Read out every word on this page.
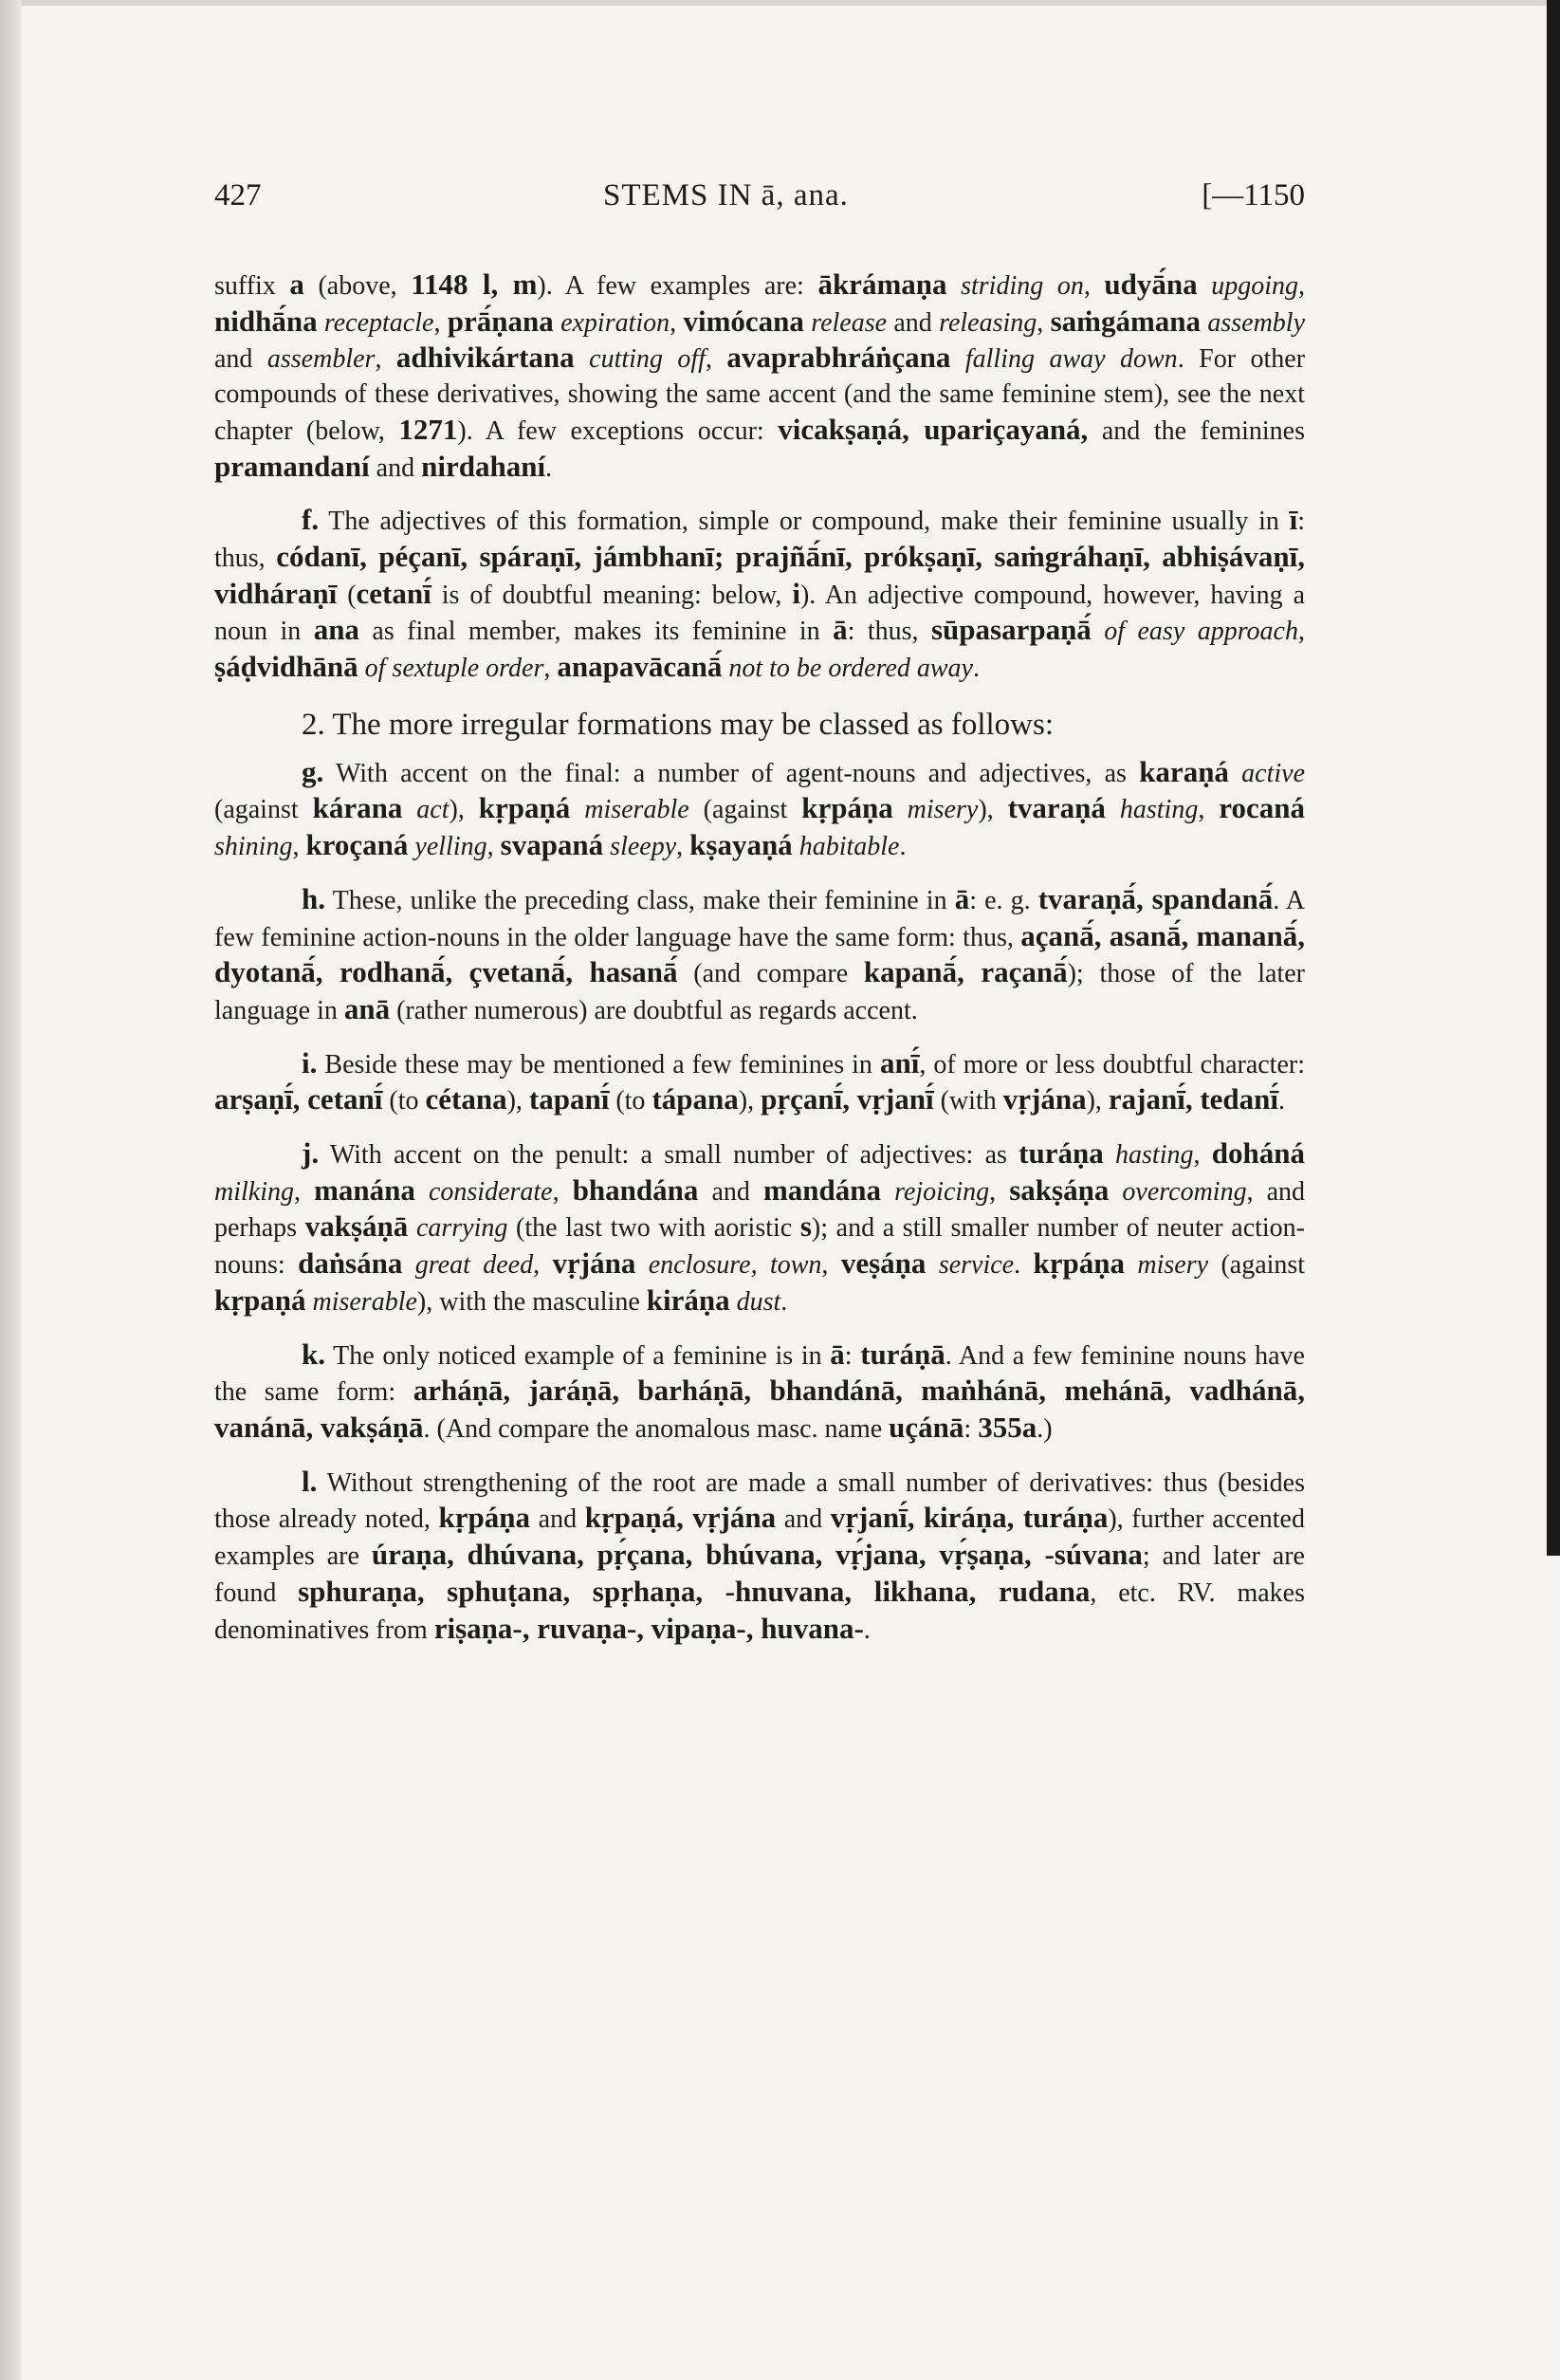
427	STEMS IN ā, ana.	[—1150

suffix a (above, 1148 l, m). A few examples are: ākrámaṇa striding on, udyā́na upgoing, nidhā́na receptacle, prā́ṇana expiration, vimócana release and releasing, saṁgámana assembly and assembler, adhivikártana cutting off, avaprabhráṅçana falling away down. For other compounds of these derivatives, showing the same accent (and the same feminine stem), see the next chapter (below, 1271). A few exceptions occur: vicakṣaṇá, upariçayaná, and the feminines pramandaní and nirdahaní.

f. The adjectives of this formation, simple or compound, make their feminine usually in ī: thus, códanī, péçanī, spáraṇī, jámbhanī; prajñā́nī, prókṣaṇī, saṁgráhaṇī, abhiṣávaṇī, vidháraṇī (cetanī́ is of doubtful meaning: below, i). An adjective compound, however, having a noun in ana as final member, makes its feminine in ā: thus, sūpasarpaṇā́ of easy approach, ṣáḍvidhānā of sextuple order, anapavācanā́ not to be ordered away.

2. The more irregular formations may be classed as follows:

g. With accent on the final: a number of agent-nouns and adjectives, as karaṇá active (against kárana act), kṛpaṇá miserable (against kṛpáṇa misery), tvaraṇá hasting, rocaná shining, kroçaná yelling, svapaná sleepy, kṣayaṇá habitable.

h. These, unlike the preceding class, make their feminine in ā: e. g. tvaraṇā́, spandanā́. A few feminine action-nouns in the older language have the same form: thus, açanā́, asanā́, mananā́, dyotanā́, rodhanā́, çvetanā́, hasanā́ (and compare kapanā́, raçanā́); those of the later language in anā (rather numerous) are doubtful as regards accent.

i. Beside these may be mentioned a few feminines in anī́, of more or less doubtful character: arṣaṇī́, cetanī́ (to cétana), tapanī́ (to tápana), pṛçanī́, vṛjanī́ (with vṛjána), rajanī́, tedanī́.

j. With accent on the penult: a small number of adjectives: as turáṇa hasting, doháná milking, manána considerate, bhandána and mandána rejoicing, sakṣáṇa overcoming, and perhaps vakṣáṇā carrying (the last two with aoristic s); and a still smaller number of neuter action-nouns: daṅsána great deed, vṛjána enclosure, town, veṣáṇa service. kṛpáṇa misery (against kṛpaṇá miserable), with the masculine kiráṇa dust.

k. The only noticed example of a feminine is in ā: turáṇā. And a few feminine nouns have the same form: arháṇā, jaráṇā, barháṇā, bhandánā, maṅhánā, mehánā, vadhánā, vanánā, vakṣáṇā. (And compare the anomalous masc. name uçánā: 355a.)

l. Without strengthening of the root are made a small number of derivatives: thus (besides those already noted, kṛpáṇa and kṛpaṇá, vṛjána and vṛjanī́, kiráṇa, turáṇa), further accented examples are úraṇa, dhúvana, pṛ́çana, bhúvana, vṛ́jana, vṛ́ṣaṇa, -súvana; and later are found sphuraṇa, sphuṭana, spṛhaṇa, -hnuvana, likhana, rudana, etc. RV. makes denominatives from riṣaṇa-, ruvaṇa-, vipaṇa-, huvana-.
